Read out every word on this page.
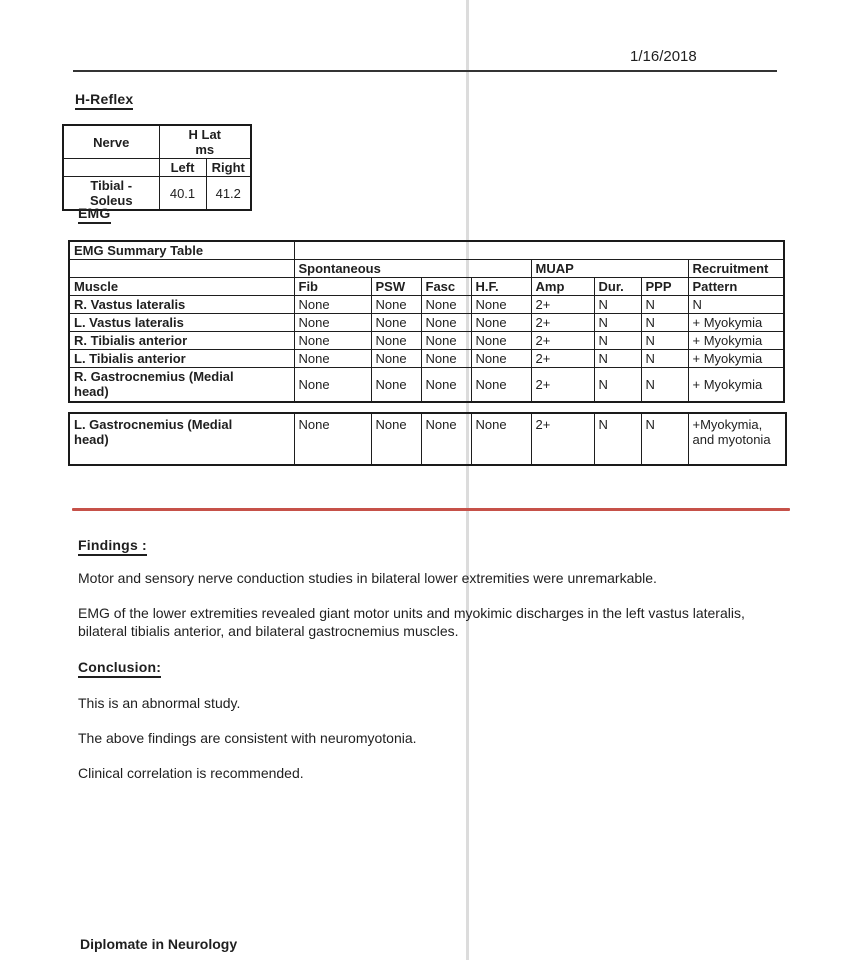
1/16/2018
H-Reflex
Nerve	H Lat
ms	

	Left	Right
Tibial - Soleus	40.1	41.2
EMG
EMG Summary Table								
	Spontaneous				MUAP			Recruitment
Muscle	Fib	PSW	Fasc	H.F.	Amp	Dur.	PPP	Pattern
R. Vastus lateralis	None	None	None	None	2+	N	N	N
L. Vastus lateralis	None	None	None	None	2+	N	N	+ Myokymia
R. Tibialis anterior	None	None	None	None	2+	N	N	+ Myokymia
L. Tibialis anterior	None	None	None	None	2+	N	N	+ Myokymia
R. Gastrocnemius (Medial head)	None	None	None	None	2+	N	N	+ Myokymia
L. Gastrocnemius (Medial head)	None	None	None	None	2+	N	N	+Myokymia, and myotonia
Findings :
Motor and sensory nerve conduction studies in bilateral lower extremities were unremarkable.
EMG of the lower extremities revealed giant motor units and myokimic discharges in the left vastus lateralis, bilateral tibialis anterior, and bilateral gastrocnemius muscles.
Conclusion:
This is an abnormal study.
The above findings are consistent with neuromyotonia.
Clinical correlation is recommended.
Diplomate in Neurology
